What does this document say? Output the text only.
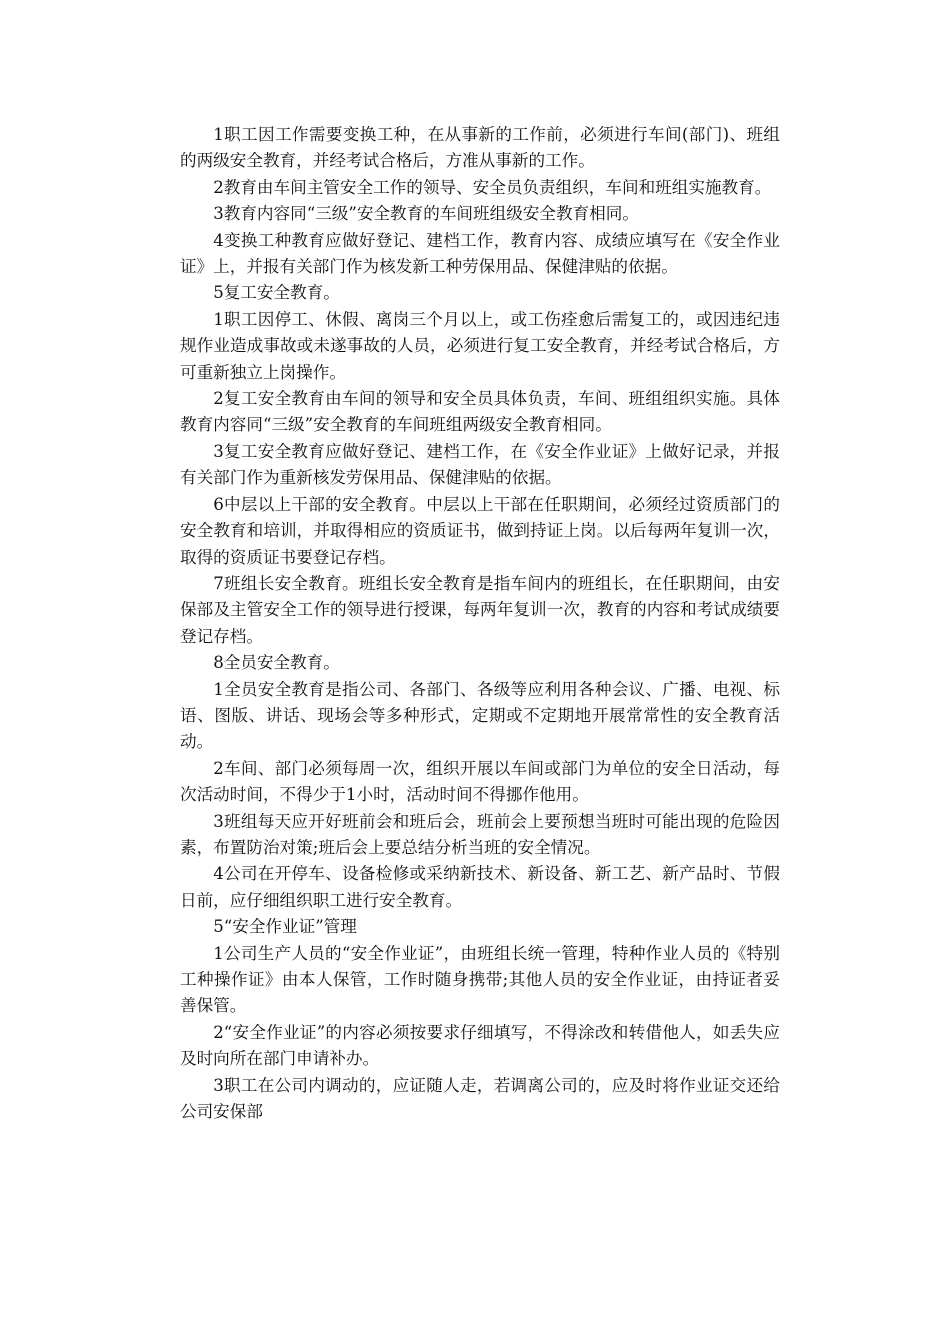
1职工因工作需要变换工种，在从事新的工作前，必须进行车间(部门)、班组的两级安全教育，并经考试合格后，方准从事新的工作。

2教育由车间主管安全工作的领导、安全员负责组织，车间和班组实施教育。

3教育内容同“三级”安全教育的车间班组级安全教育相同。

4变换工种教育应做好登记、建档工作，教育内容、成绩应填写在《安全作业证》上，并报有关部门作为核发新工种劳保用品、保健津贴的依据。

5复工安全教育。

1职工因停工、休假、离岗三个月以上，或工伤痊愈后需复工的，或因违纪违规作业造成事故或未遂事故的人员，必须进行复工安全教育，并经考试合格后，方可重新独立上岗操作。

2复工安全教育由车间的领导和安全员具体负责，车间、班组组织实施。具体教育内容同“三级”安全教育的车间班组两级安全教育相同。

3复工安全教育应做好登记、建档工作，在《安全作业证》上做好记录，并报有关部门作为重新核发劳保用品、保健津贴的依据。

6中层以上干部的安全教育。中层以上干部在任职期间，必须经过资质部门的安全教育和培训，并取得相应的资质证书，做到持证上岗。以后每两年复训一次，取得的资质证书要登记存档。

7班组长安全教育。班组长安全教育是指车间内的班组长，在任职期间，由安保部及主管安全工作的领导进行授课，每两年复训一次，教育的内容和考试成绩要登记存档。

8全员安全教育。

1全员安全教育是指公司、各部门、各级等应利用各种会议、广播、电视、标语、图版、讲话、现场会等多种形式，定期或不定期地开展常常性的安全教育活动。

2车间、部门必须每周一次，组织开展以车间或部门为单位的安全日活动，每次活动时间，不得少于1小时，活动时间不得挪作他用。

3班组每天应开好班前会和班后会，班前会上要预想当班时可能出现的危险因素，布置防治对策;班后会上要总结分析当班的安全情况。

4公司在开停车、设备检修或采纳新技术、新设备、新工艺、新产品时、节假日前，应仔细组织职工进行安全教育。

5“安全作业证”管理

1公司生产人员的“安全作业证”，由班组长统一管理，特种作业人员的《特别工种操作证》由本人保管，工作时随身携带;其他人员的安全作业证，由持证者妥善保管。

2“安全作业证”的内容必须按要求仔细填写，不得涂改和转借他人，如丢失应及时向所在部门申请补办。

3职工在公司内调动的，应证随人走，若调离公司的，应及时将作业证交还给公司安保部
